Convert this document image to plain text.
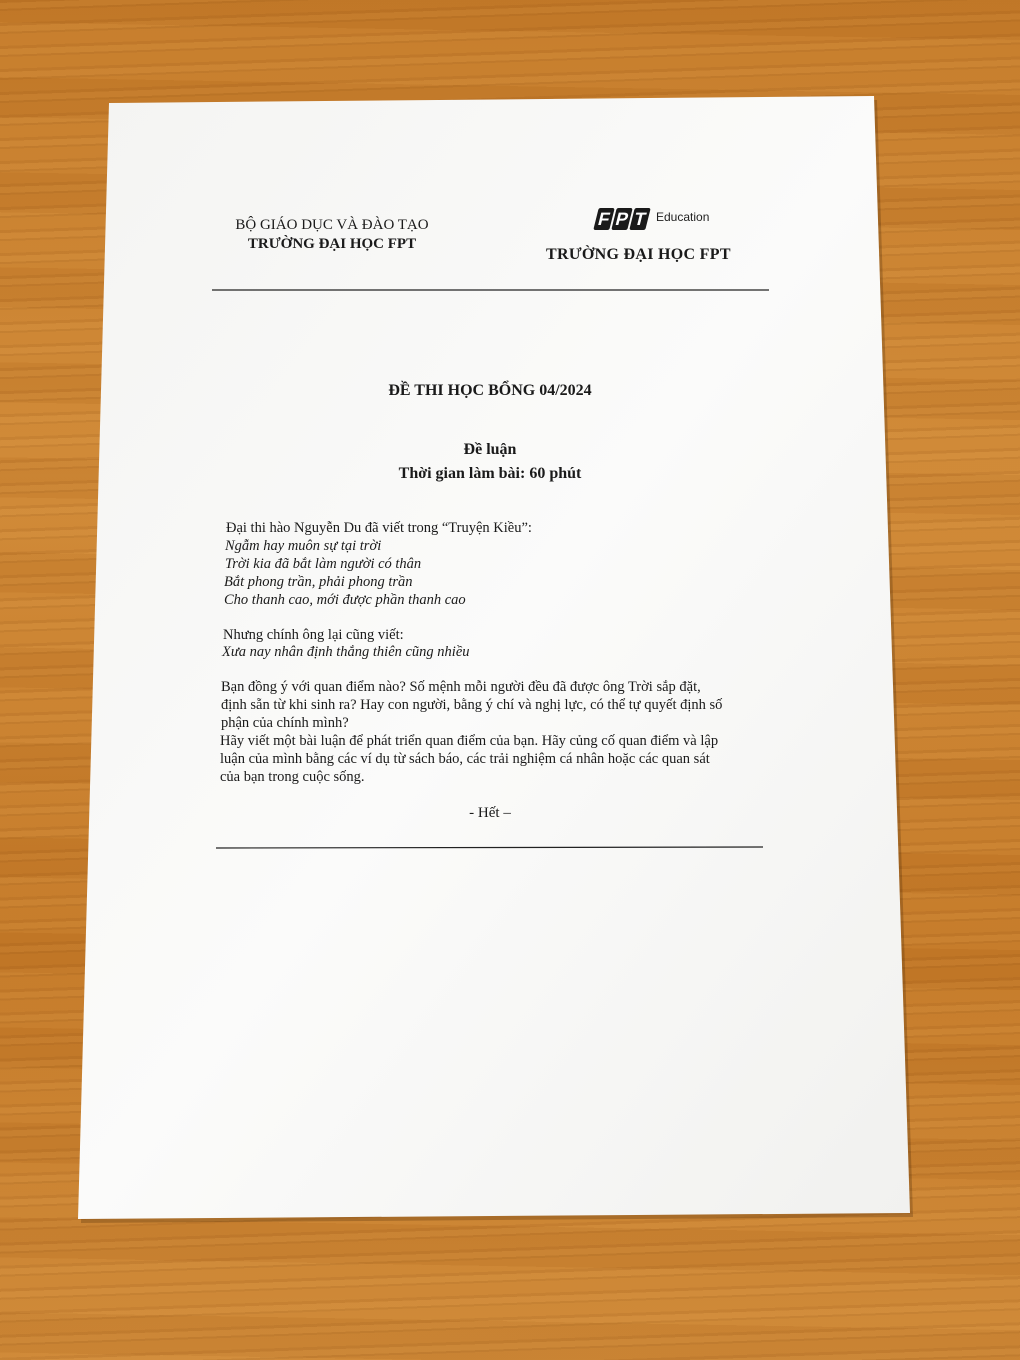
BỘ GIÁO DỤC VÀ ĐÀO TẠO
TRƯỜNG ĐẠI HỌC FPT
F P T Education
TRƯỜNG ĐẠI HỌC FPT
ĐỀ THI HỌC BỔNG 04/2024
Đề luận
Thời gian làm bài: 60 phút
Đại thi hào Nguyễn Du đã viết trong “Truyện Kiều”:
Ngẫm hay muôn sự tại trời
Trời kia đã bắt làm người có thân
Bắt phong trần, phải phong trần
Cho thanh cao, mới được phần thanh cao
Nhưng chính ông lại cũng viết:
Xưa nay nhân định thắng thiên cũng nhiều
Bạn đồng ý với quan điểm nào? Số mệnh mỗi người đều đã được ông Trời sắp đặt,
định sẵn từ khi sinh ra? Hay con người, bằng ý chí và nghị lực, có thể tự quyết định số
phận của chính mình?
Hãy viết một bài luận để phát triển quan điểm của bạn. Hãy củng cố quan điểm và lập
luận của mình bằng các ví dụ từ sách báo, các trải nghiệm cá nhân hoặc các quan sát
của bạn trong cuộc sống.
- Hết –
